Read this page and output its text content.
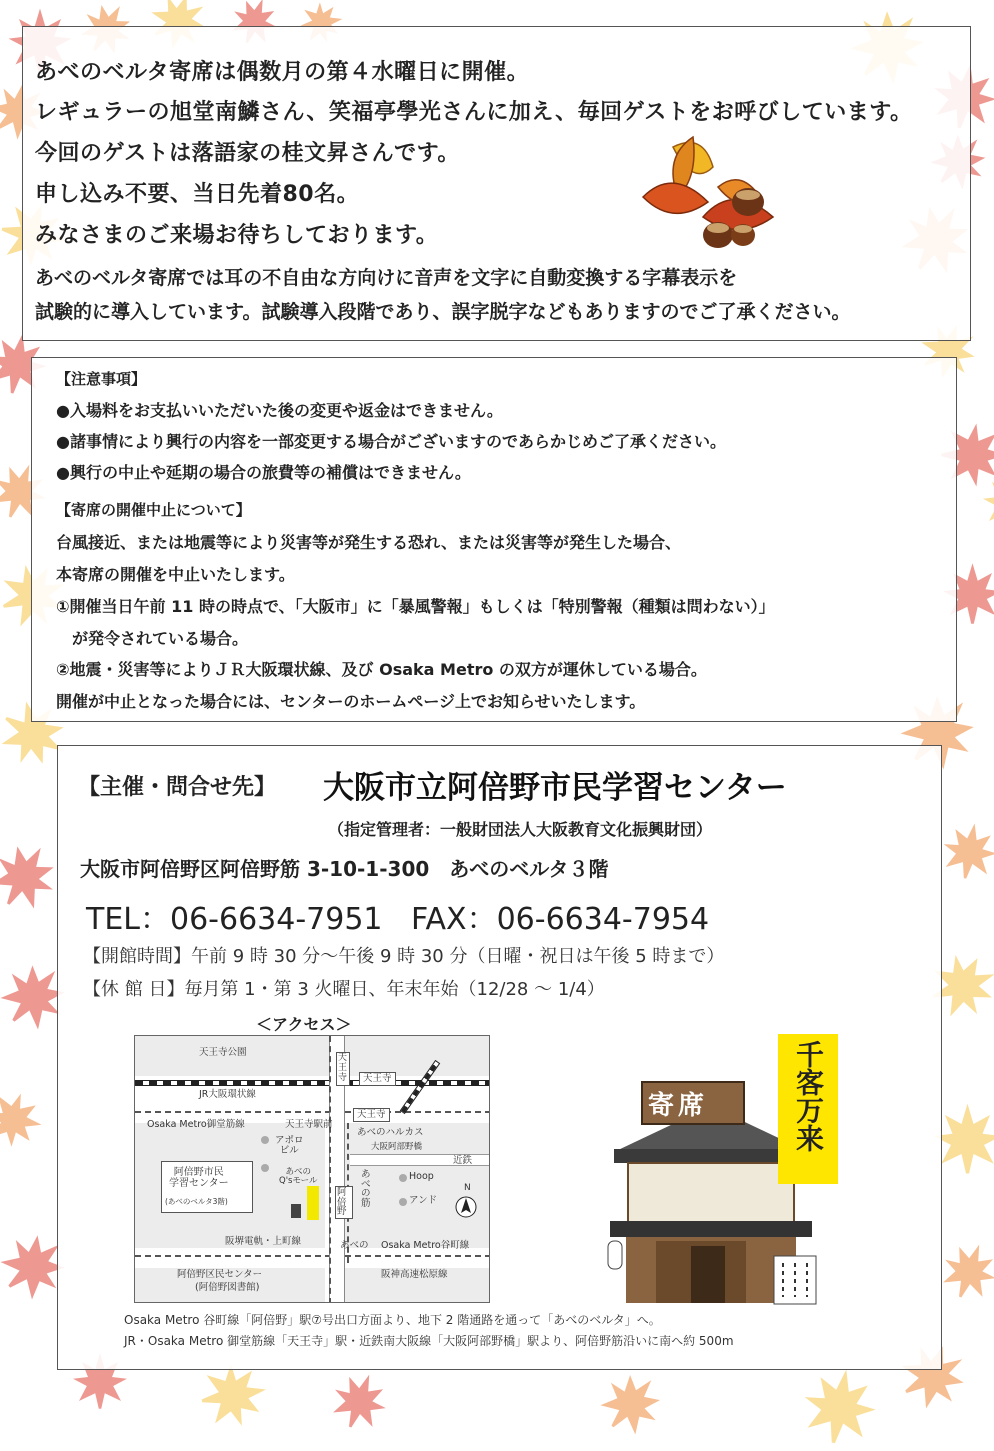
あべのベルタ寄席は偶数月の第４水曜日に開催。
レギュラーの旭堂南鱗さん、笑福亭學光さんに加え、毎回ゲストをお呼びしています。
今回のゲストは落語家の桂文昇さんです。
申し込み不要、当日先着80名。
みなさまのご来場お待ちしております。
あべのベルタ寄席では耳の不自由な方向けに音声を文字に自動変換する字幕表示を
試験的に導入しています。試験導入段階であり、誤字脱字などもありますのでご了承ください。
【注意事項】
●入場料をお支払いいただいた後の変更や返金はできません。
●諸事情により興行の内容を一部変更する場合がございますのであらかじめご了承ください。
●興行の中止や延期の場合の旅費等の補償はできません。
【寄席の開催中止について】
台風接近、または地震等により災害等が発生する恐れ、または災害等が発生した場合、
本寄席の開催を中止いたします。
①開催当日午前 11 時の時点で、「大阪市」に「暴風警報」もしくは「特別警報（種類は問わない）」
　が発令されている場合。
②地震・災害等によりＪＲ大阪環状線、及び Osaka Metro の双方が運休している場合。
開催が中止となった場合には、センターのホームページ上でお知らせいたします。
【主催・問合せ先】 大阪市立阿倍野市民学習センター
（指定管理者：一般財団法人大阪教育文化振興財団）
大阪市阿倍野区阿倍野筋 3-10-1-300　あべのベルタ３階
TEL：06-6634-7951 FAX：06-6634-7954
【開館時間】午前 9 時 30 分～午後 9 時 30 分（日曜・祝日は午後 5 時まで）
【休 館 日】毎月第 1・第 3 火曜日、年末年始（12/28 ～ 1/4）
＜アクセス＞
天王寺公園
JR大阪環状線
天
王
寺	天王寺
天王寺
Osaka Metro御堂筋線	天王寺駅前
あべのハルカス
大阪阿部野橋
近鉄
アポロ
ビル
あべの
Q'sモール
阿倍野市民
学習センター
(あべのベルタ3階)
あ
べ
の
筋
Hoop
アンド
N
阿
倍
野
阪堺電軌・上町線	あべの Osaka Metro谷町線
阿倍野区民センター
(阿倍野図書館)
阪神高速松原線
Osaka Metro 谷町線「阿倍野」駅⑦号出口方面より、地下 2 階通路を通って「あべのベルタ」へ。
JR・Osaka Metro 御堂筋線「天王寺」駅・近鉄南大阪線「大阪阿部野橋」駅より、阿倍野筋沿いに南へ約 500m
寄席	千客万来
